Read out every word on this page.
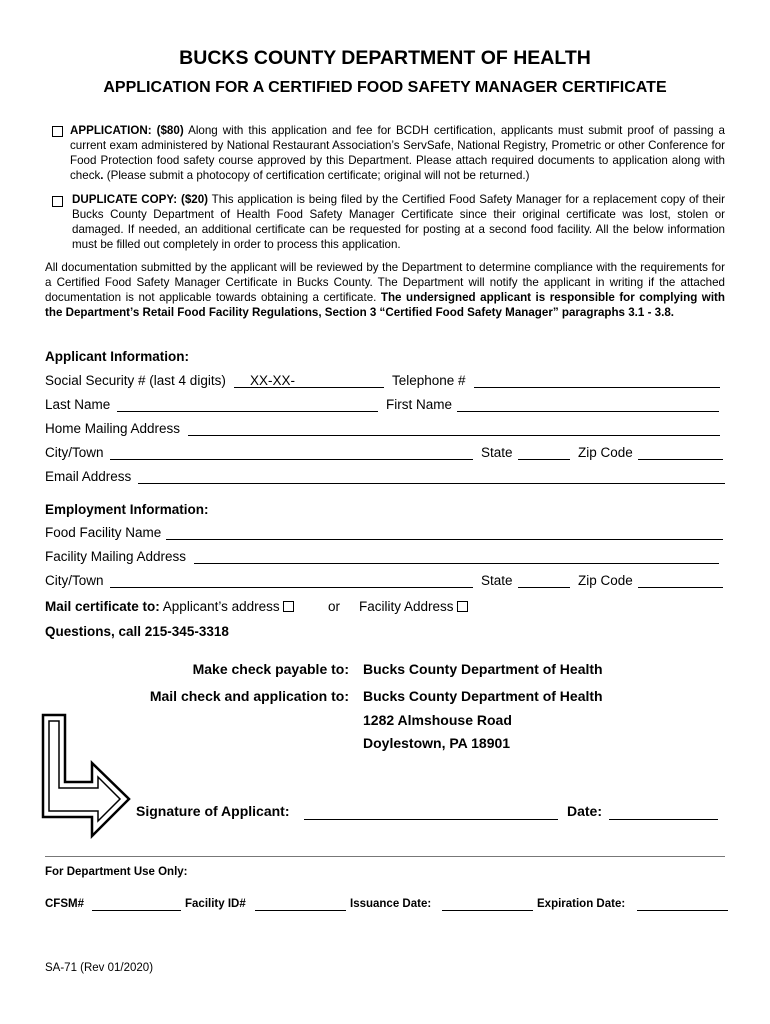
BUCKS COUNTY DEPARTMENT OF HEALTH
APPLICATION FOR A CERTIFIED FOOD SAFETY MANAGER CERTIFICATE

APPLICATION: ($80) Along with this application and fee for BCDH certification, applicants must submit proof of passing a current exam administered by National Restaurant Association’s ServSafe, National Registry, Prometric or other Conference for Food Protection food safety course approved by this Department. Please attach required documents to application along with check. (Please submit a photocopy of certification certificate; original will not be returned.)

DUPLICATE COPY: ($20) This application is being filed by the Certified Food Safety Manager for a replacement copy of their Bucks County Department of Health Food Safety Manager Certificate since their original certificate was lost, stolen or damaged. If needed, an additional certificate can be requested for posting at a second food facility. All the below information must be filled out completely in order to process this application.

All documentation submitted by the applicant will be reviewed by the Department to determine compliance with the requirements for a Certified Food Safety Manager Certificate in Bucks County. The Department will notify the applicant in writing if the attached documentation is not applicable towards obtaining a certificate. The undersigned applicant is responsible for complying with the Department’s Retail Food Facility Regulations, Section 3 “Certified Food Safety Manager” paragraphs 3.1 - 3.8.

Applicant Information:
Social Security # (last 4 digits) XX-XX-	Telephone #
Last Name	First Name
Home Mailing Address
City/Town	State	Zip Code
Email Address
Employment Information:
Food Facility Name
Facility Mailing Address
City/Town	State	Zip Code
Mail certificate to: Applicant’s address	or Facility Address
Questions, call 215-345-3318
Make check payable to: Bucks County Department of Health
Mail check and application to: Bucks County Department of Health
1282 Almshouse Road
Doylestown, PA 18901
Signature of Applicant:	Date:
For Department Use Only:
CFSM#	Facility ID#	Issuance Date:	Expiration Date:
SA-71 (Rev 01/2020)
